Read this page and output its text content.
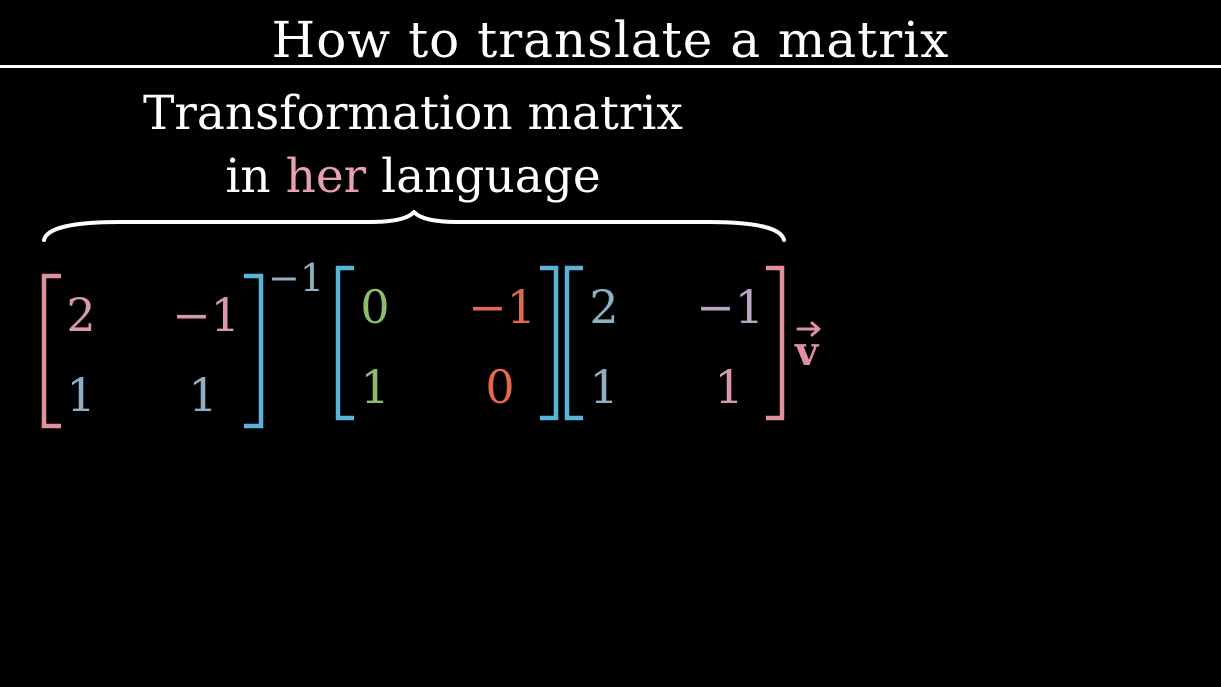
How to translate a matrix
Transformation matrix
in her language
2 −1
1 1
−1
0 −1
1 0
2 −1
1 1
v
